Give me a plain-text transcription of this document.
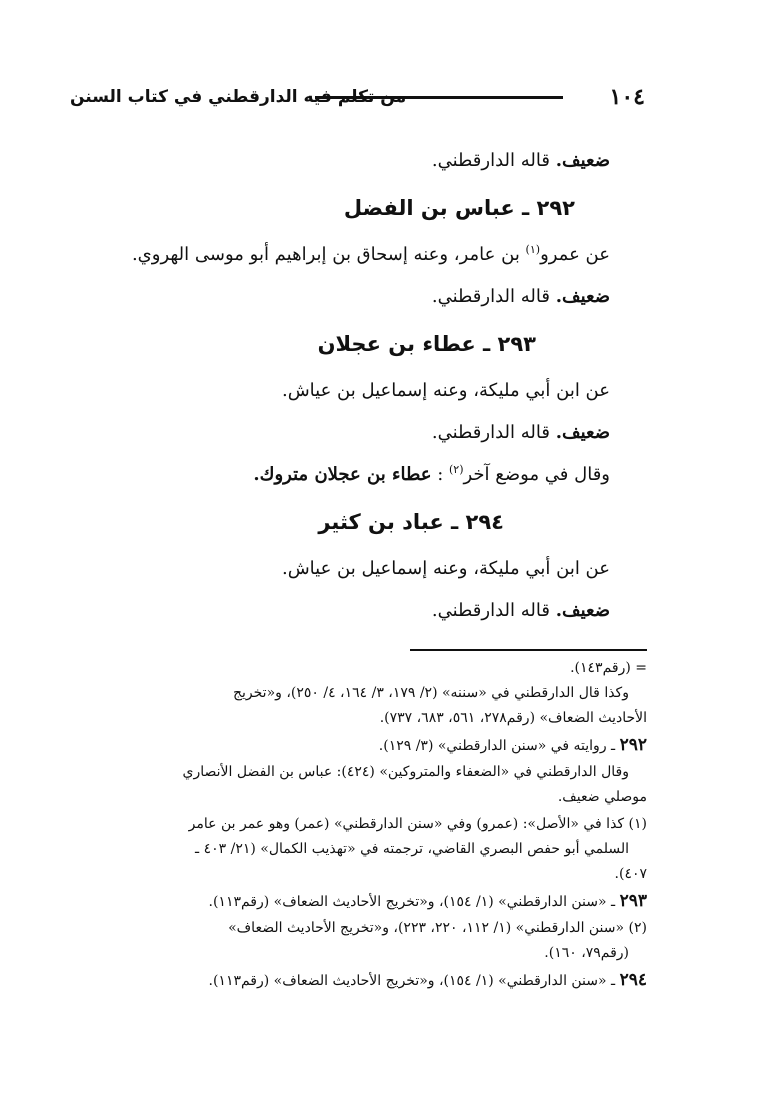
١٠٤
من تكلم فيه الدارقطني في كتاب السنن
ضعيف. قاله الدارقطني.
٢٩٢ ـ عباس بن الفضل
عن عمرو$^{(١)}$ بن عامر، وعنه إسحاق بن إبراهيم أبو موسى الهروي.
ضعيف. قاله الدارقطني.
٢٩٣ ـ عطاء بن عجلان
عن ابن أبي مليكة، وعنه إسماعيل بن عياش.
ضعيف. قاله الدارقطني.
وقال في موضع آخر$^{(٢)}$ : عطاء بن عجلان متروك.
٢٩٤ ـ عباد بن كثير
عن ابن أبي مليكة، وعنه إسماعيل بن عياش.
ضعيف. قاله الدارقطني.
= (رقم١٤٣).
وكذا قال الدارقطني في «سننه» (٢/ ١٧٩، ٣/ ١٦٤، ٤/ ٢٥٠)، و«تخريج
الأحاديث الضعاف» (رقم٢٧٨، ٥٦١، ٦٨٣، ٧٣٧).
٢٩٢ ـ روايته في «سنن الدارقطني» (٣/ ١٢٩).
وقال الدارقطني في «الضعفاء والمتروكين» (٤٢٤): عباس بن الفضل الأنصاري
موصلي ضعيف.
(١) كذا في «الأصل»: (عمرو) وفي «سنن الدارقطني» (عمر) وهو عمر بن عامر
السلمي أبو حفص البصري القاضي، ترجمته في «تهذيب الكمال» (٢١/ ٤٠٣ ـ
٤٠٧).
٢٩٣ ـ «سنن الدارقطني» (١/ ١٥٤)، و«تخريج الأحاديث الضعاف» (رقم١١٣).
(٢) «سنن الدارقطني» (١/ ١١٢، ٢٢٠، ٢٢٣)، و«تخريج الأحاديث الضعاف»
(رقم٧٩، ١٦٠).
٢٩٤ ـ «سنن الدارقطني» (١/ ١٥٤)، و«تخريج الأحاديث الضعاف» (رقم١١٣).
